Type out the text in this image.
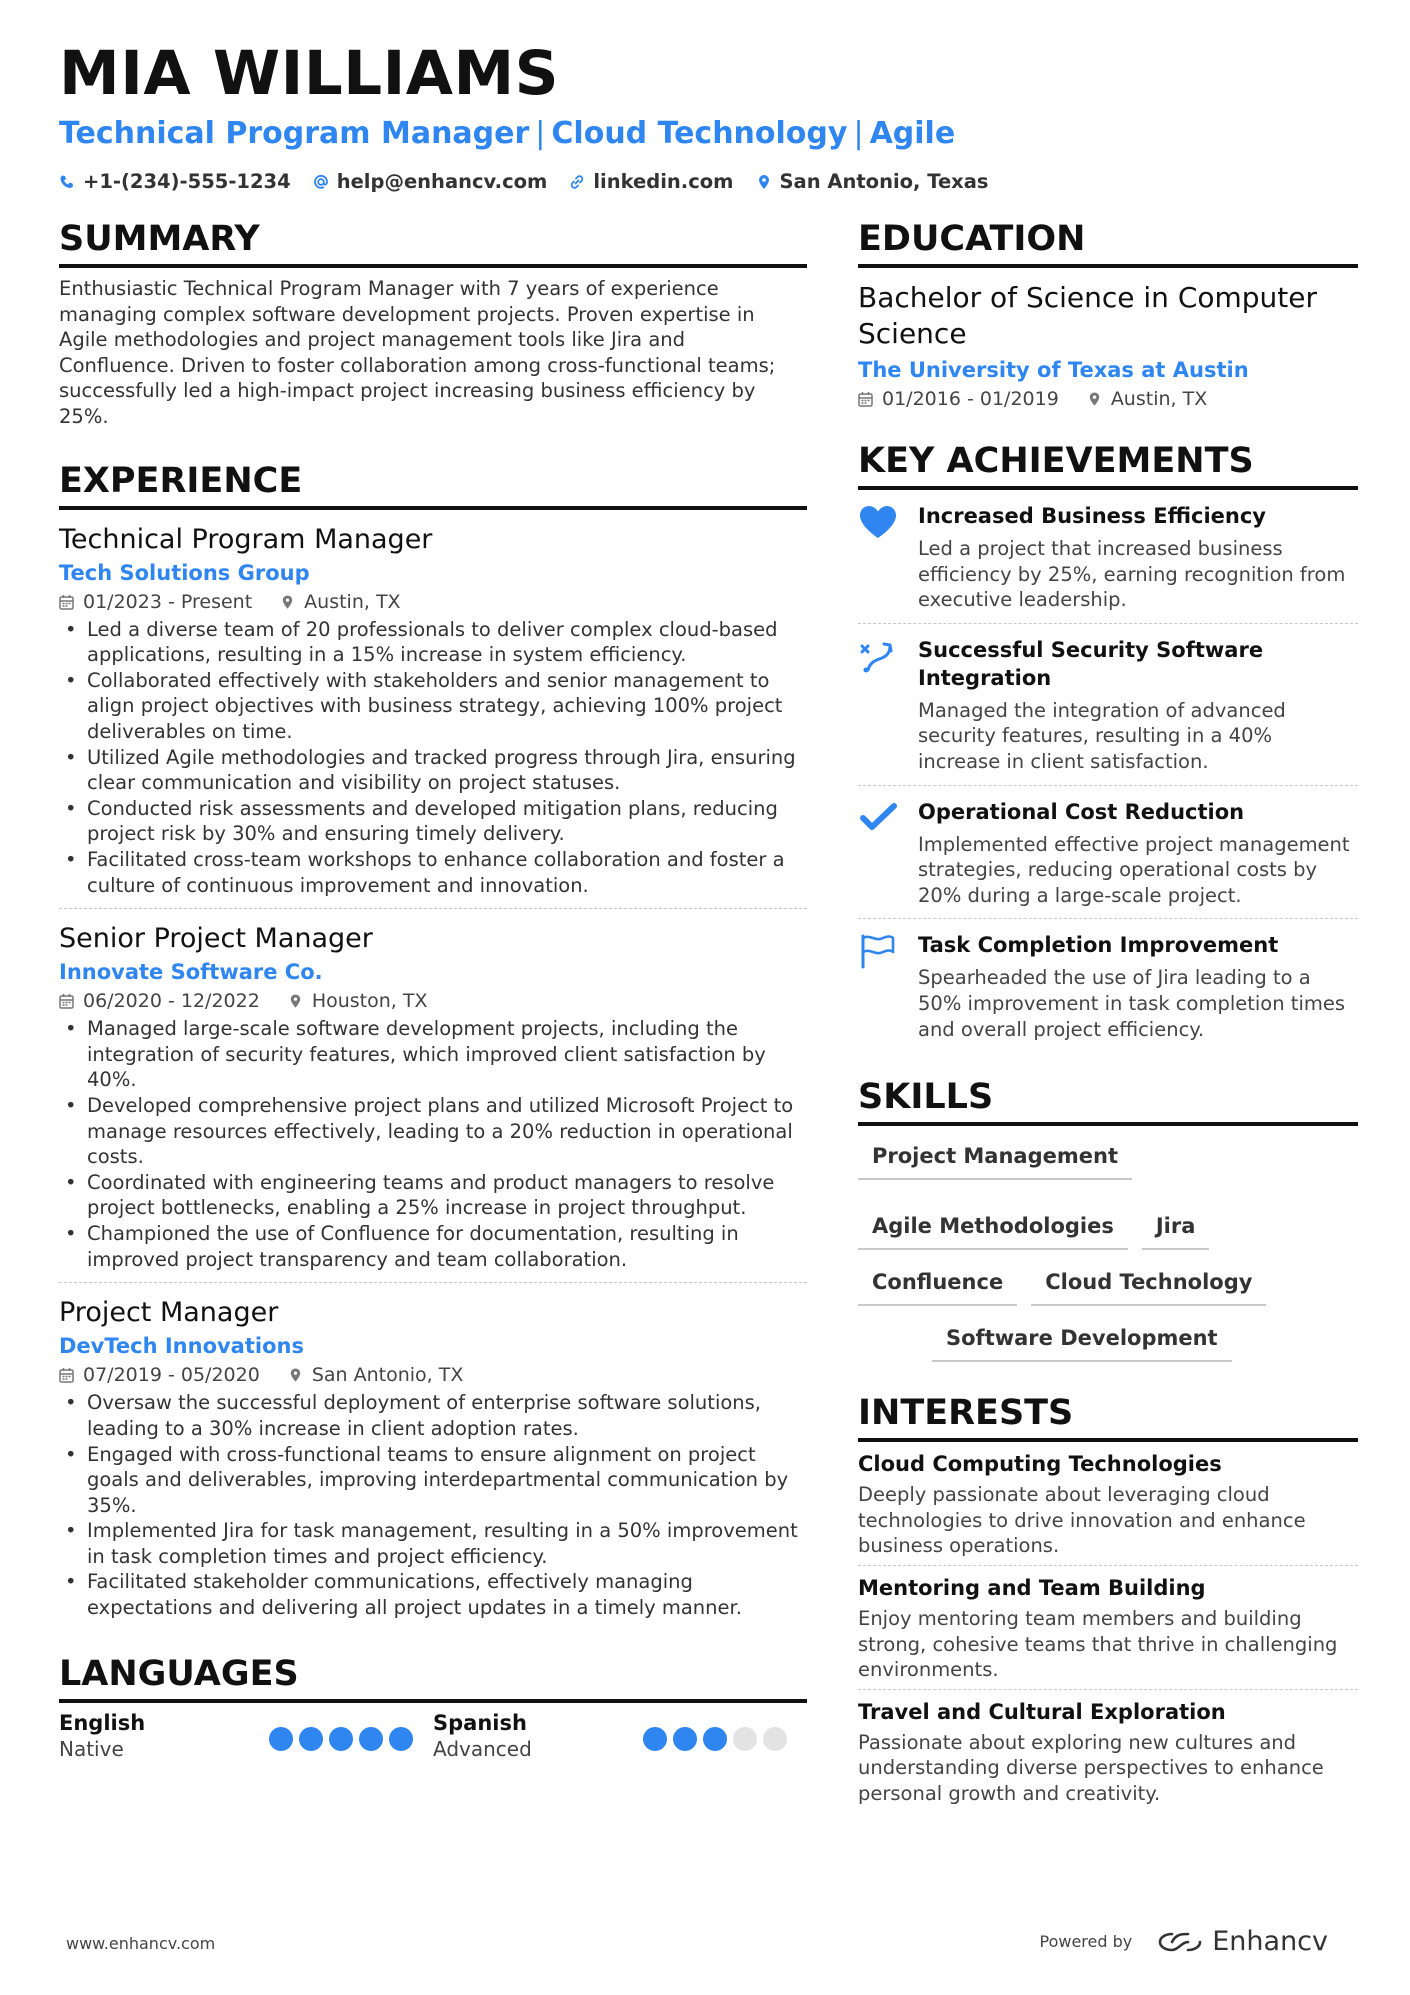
MIA WILLIAMS
Technical Program Manager | Cloud Technology | Agile
+1-(234)-555-1234 help@enhancv.com linkedin.com San Antonio, Texas
SUMMARY
Enthusiastic Technical Program Manager with 7 years of experience managing complex software development projects. Proven expertise in Agile methodologies and project management tools like Jira and Confluence. Driven to foster collaboration among cross-functional teams; successfully led a high-impact project increasing business efficiency by 25%.
EXPERIENCE
Technical Program Manager
Tech Solutions Group
01/2023 - Present	Austin, TX
• Led a diverse team of 20 professionals to deliver complex cloud-based applications, resulting in a 15% increase in system efficiency.
• Collaborated effectively with stakeholders and senior management to align project objectives with business strategy, achieving 100% project deliverables on time.
• Utilized Agile methodologies and tracked progress through Jira, ensuring clear communication and visibility on project statuses.
• Conducted risk assessments and developed mitigation plans, reducing project risk by 30% and ensuring timely delivery.
• Facilitated cross-team workshops to enhance collaboration and foster a culture of continuous improvement and innovation.
Senior Project Manager
Innovate Software Co.
06/2020 - 12/2022	Houston, TX
• Managed large-scale software development projects, including the integration of security features, which improved client satisfaction by 40%.
• Developed comprehensive project plans and utilized Microsoft Project to manage resources effectively, leading to a 20% reduction in operational costs.
• Coordinated with engineering teams and product managers to resolve project bottlenecks, enabling a 25% increase in project throughput.
• Championed the use of Confluence for documentation, resulting in improved project transparency and team collaboration.
Project Manager
DevTech Innovations
07/2019 - 05/2020	San Antonio, TX
• Oversaw the successful deployment of enterprise software solutions, leading to a 30% increase in client adoption rates.
• Engaged with cross-functional teams to ensure alignment on project goals and deliverables, improving interdepartmental communication by 35%.
• Implemented Jira for task management, resulting in a 50% improvement in task completion times and project efficiency.
• Facilitated stakeholder communications, effectively managing expectations and delivering all project updates in a timely manner.
LANGUAGES
English
Native
Spanish
Advanced
EDUCATION
Bachelor of Science in Computer Science
The University of Texas at Austin
01/2016 - 01/2019	Austin, TX
KEY ACHIEVEMENTS
Increased Business Efficiency
Led a project that increased business efficiency by 25%, earning recognition from executive leadership.
Successful Security Software Integration
Managed the integration of advanced security features, resulting in a 40% increase in client satisfaction.
Operational Cost Reduction
Implemented effective project management strategies, reducing operational costs by 20% during a large-scale project.
Task Completion Improvement
Spearheaded the use of Jira leading to a 50% improvement in task completion times and overall project efficiency.
SKILLS
Project Management
Agile Methodologies	Jira
Confluence	Cloud Technology
Software Development
INTERESTS
Cloud Computing Technologies
Deeply passionate about leveraging cloud technologies to drive innovation and enhance business operations.
Mentoring and Team Building
Enjoy mentoring team members and building strong, cohesive teams that thrive in challenging environments.
Travel and Cultural Exploration
Passionate about exploring new cultures and understanding diverse perspectives to enhance personal growth and creativity.
www.enhancv.com	Powered by	Enhancv
